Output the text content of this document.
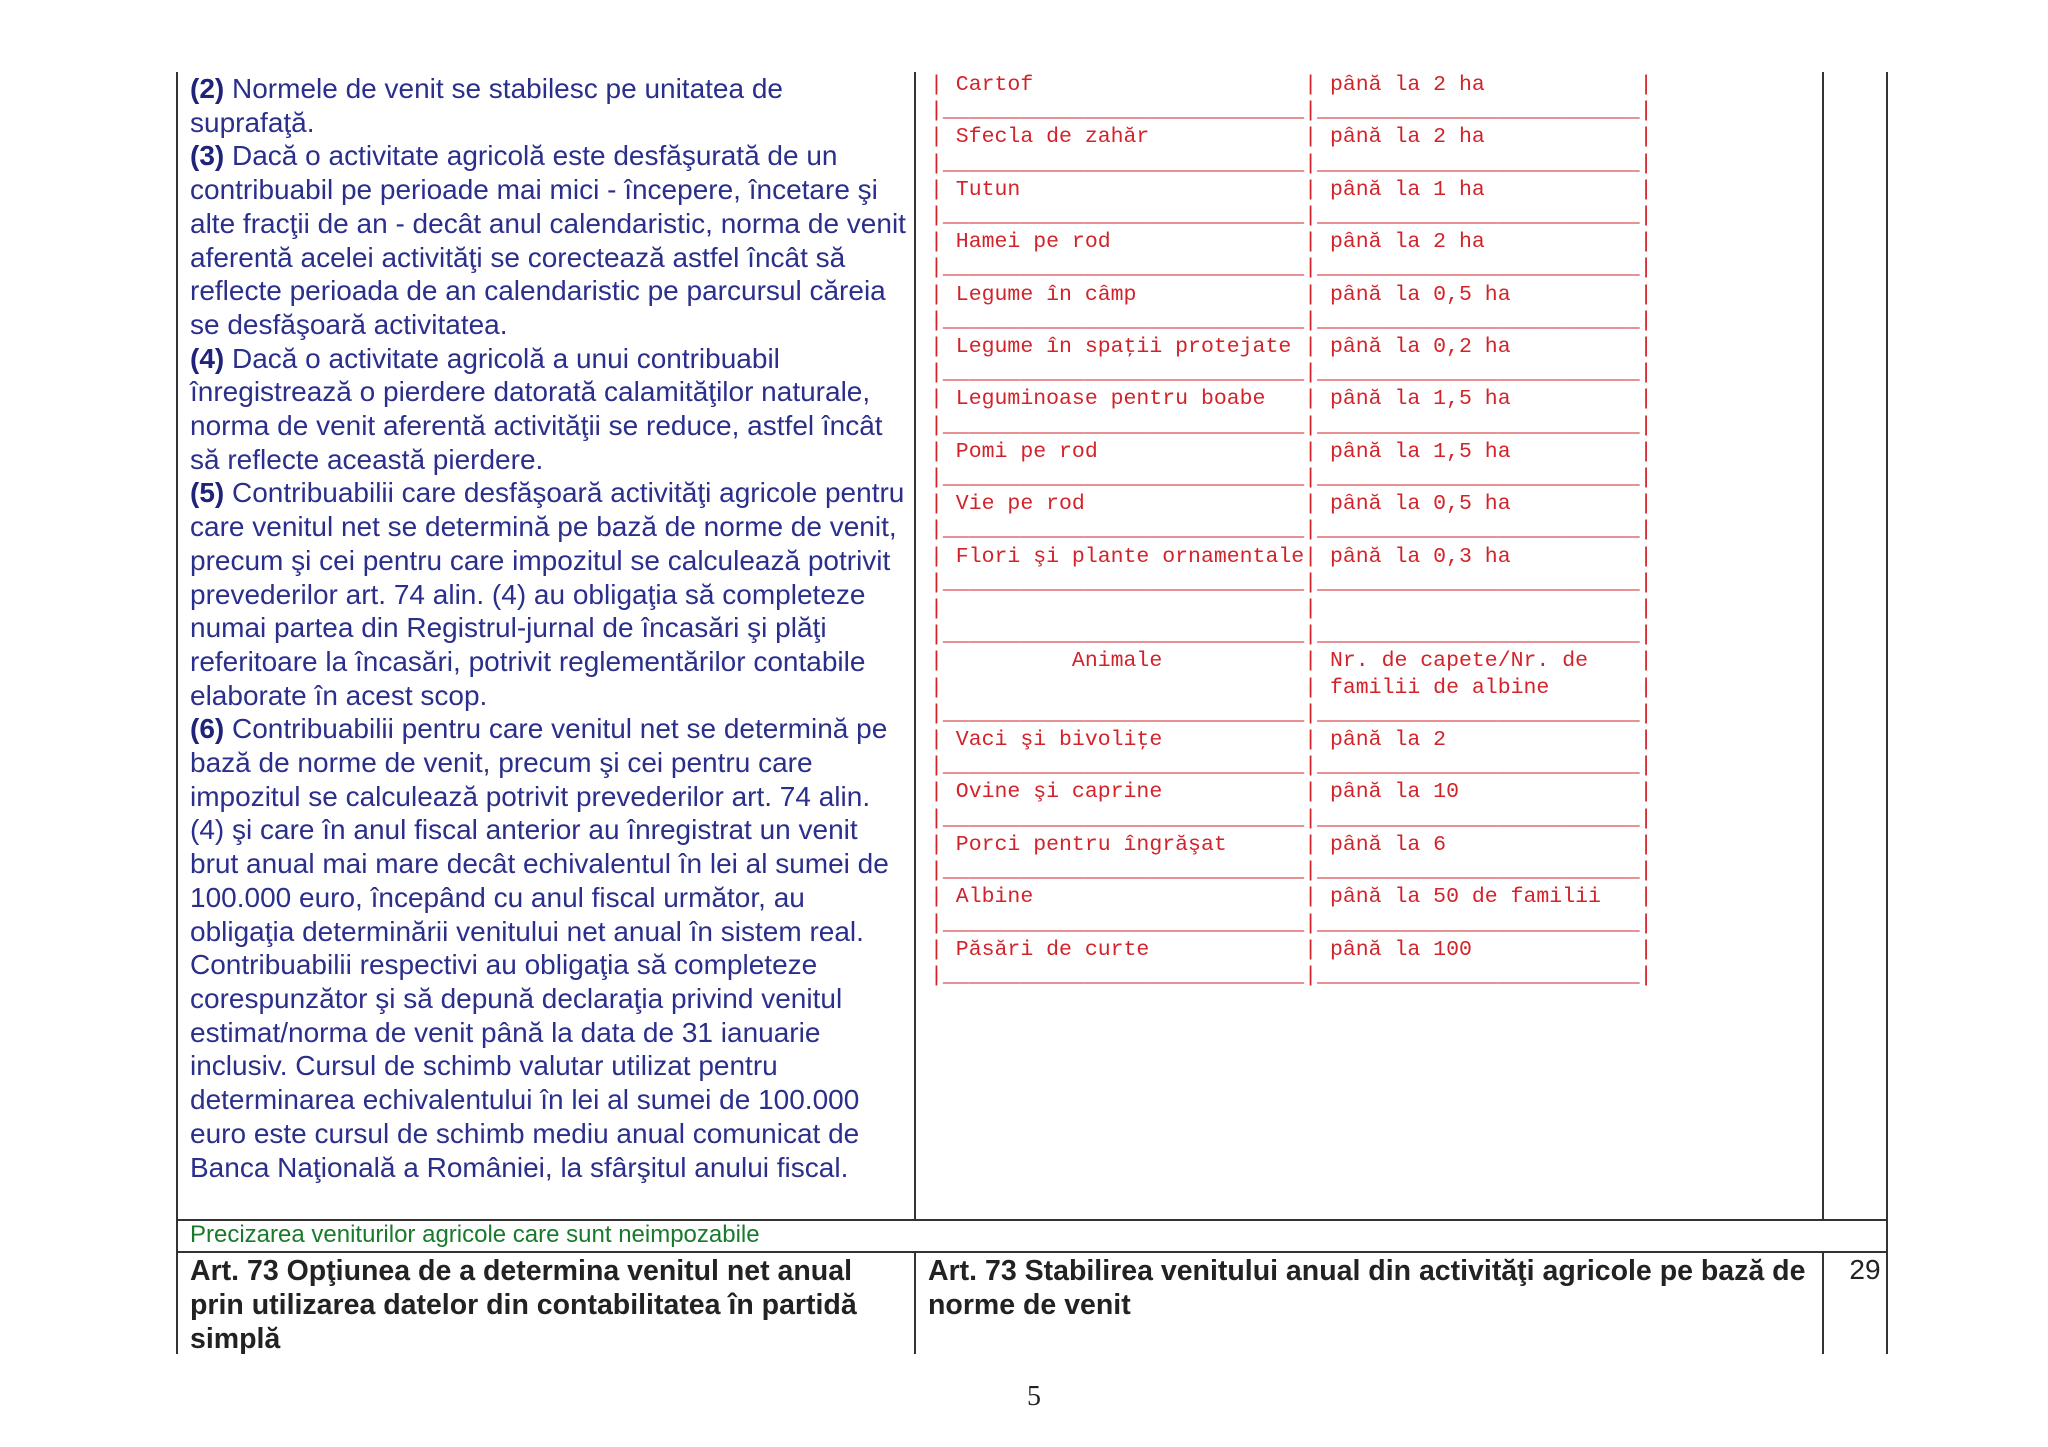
(2) Normele de venit se stabilesc pe unitatea de suprafaţă.

(3) Dacă o activitate agricolă este desfăşurată de un contribuabil pe perioade mai mici - începere, încetare şi alte fracţii de an - decât anul calendaristic, norma de venit aferentă acelei activităţi se corectează astfel încât să reflecte perioada de an calendaristic pe parcursul căreia se desfăşoară activitatea.

(4) Dacă o activitate agricolă a unui contribuabil înregistrează o pierdere datorată calamităţilor naturale, norma de venit aferentă activităţii se reduce, astfel încât să reflecte această pierdere.

(5) Contribuabilii care desfăşoară activităţi agricole pentru care venitul net se determină pe bază de norme de venit, precum şi cei pentru care impozitul se calculează potrivit prevederilor art. 74 alin. (4) au obligaţia să completeze numai partea din Registrul-jurnal de încasări şi plăţi referitoare la încasări, potrivit reglementărilor contabile elaborate în acest scop.

(6) Contribuabilii pentru care venitul net se determină pe bază de norme de venit, precum şi cei pentru care impozitul se calculează potrivit prevederilor art. 74 alin. (4) şi care în anul fiscal anterior au înregistrat un venit brut anual mai mare decât echivalentul în lei al sumei de 100.000 euro, începând cu anul fiscal următor, au obligaţia determinării venitului net anual în sistem real. Contribuabilii respectivi au obligaţia să completeze corespunzător şi să depună declaraţia privind venitul estimat/norma de venit până la data de 31 ianuarie inclusiv. Cursul de schimb valutar utilizat pentru determinarea echivalentului în lei al sumei de 100.000 euro este cursul de schimb mediu anual comunicat de Banca Naţională a României, la sfârşitul anului fiscal.

| Cartof                     | până la 2 ha            |
|____________________________|_________________________|
| Sfecla de zahăr            | până la 2 ha            |
|____________________________|_________________________|
| Tutun                      | până la 1 ha            |
|____________________________|_________________________|
| Hamei pe rod               | până la 2 ha            |
|____________________________|_________________________|
| Legume în câmp             | până la 0,5 ha          |
|____________________________|_________________________|
| Legume în spaţii protejate | până la 0,2 ha          |
|____________________________|_________________________|
| Leguminoase pentru boabe   | până la 1,5 ha          |
|____________________________|_________________________|
| Pomi pe rod                | până la 1,5 ha          |
|____________________________|_________________________|
| Vie pe rod                 | până la 0,5 ha          |
|____________________________|_________________________|
| Flori şi plante ornamentale| până la 0,3 ha          |
|____________________________|_________________________|
|                            |                         |
|____________________________|_________________________|
|          Animale           | Nr. de capete/Nr. de    |
|                            | familii de albine       |
|____________________________|_________________________|
| Vaci şi bivoliţe           | până la 2               |
|____________________________|_________________________|
| Ovine şi caprine           | până la 10              |
|____________________________|_________________________|
| Porci pentru îngrăşat      | până la 6               |
|____________________________|_________________________|
| Albine                     | până la 50 de familii   |
|____________________________|_________________________|
| Păsări de curte            | până la 100             |
|____________________________|_________________________|
Precizarea veniturilor agricole care sunt neimpozabile
Art. 73 Opţiunea de a determina venitul net anual prin utilizarea datelor din contabilitatea în partidă simplă
Art. 73 Stabilirea venitului anual din activităţi agricole pe bază de norme de venit
29
5
